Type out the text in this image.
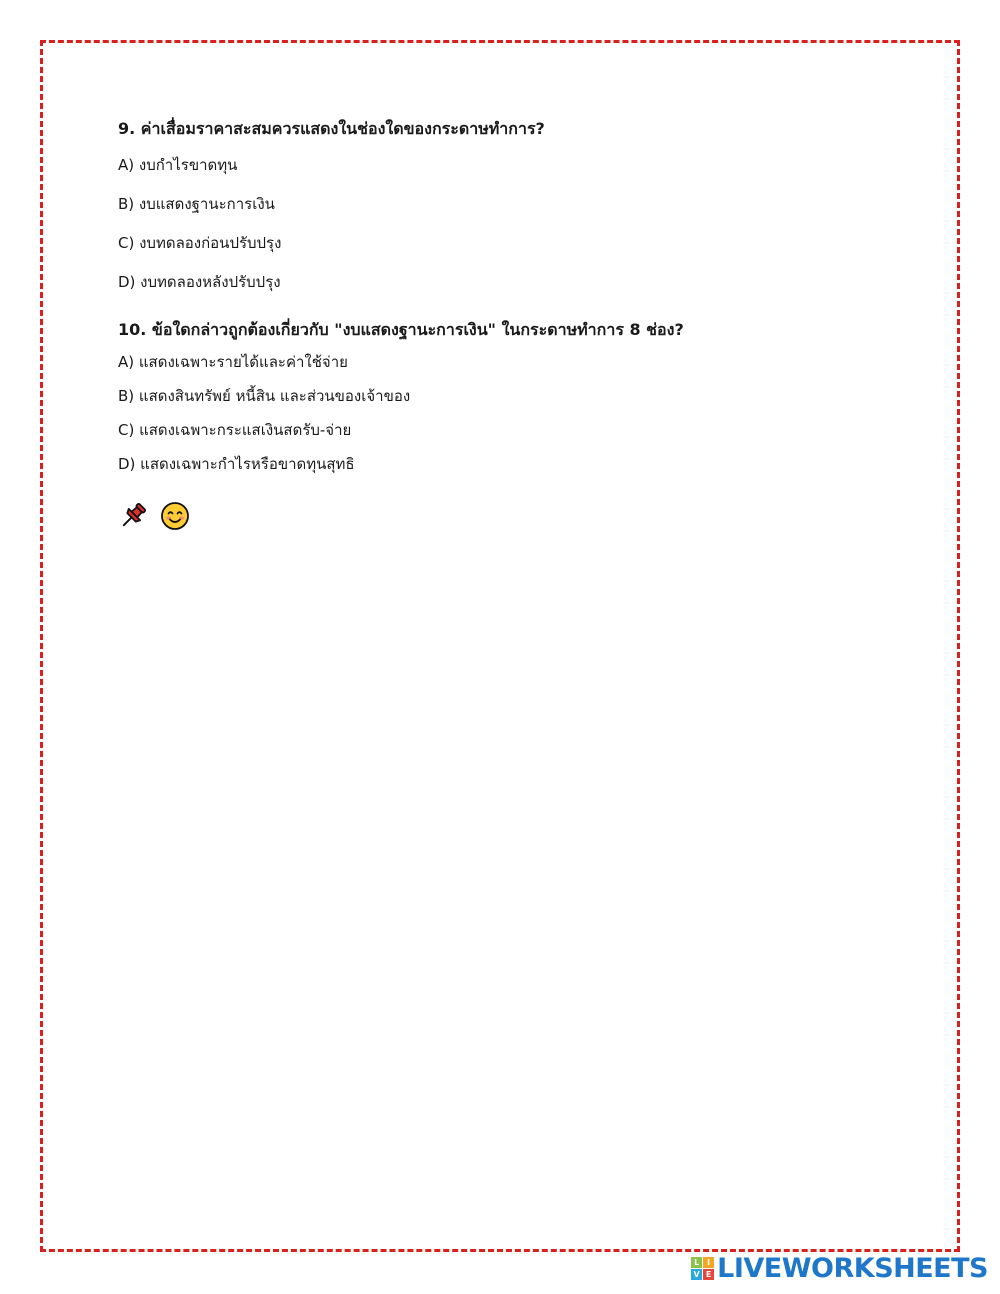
9. ค่าเสื่อมราคาสะสมควรแสดงในช่องใดของกระดาษทำการ?

A) งบกำไรขาดทุน

B) งบแสดงฐานะการเงิน

C) งบทดลองก่อนปรับปรุง

D) งบทดลองหลังปรับปรุง

10. ข้อใดกล่าวถูกต้องเกี่ยวกับ "งบแสดงฐานะการเงิน" ในกระดาษทำการ 8 ช่อง?

A) แสดงเฉพาะรายได้และค่าใช้จ่าย

B) แสดงสินทรัพย์ หนี้สิน และส่วนของเจ้าของ

C) แสดงเฉพาะกระแสเงินสดรับ-จ่าย

D) แสดงเฉพาะกำไรหรือขาดทุนสุทธิ

L I
V E LIVEWORKSHEETS
